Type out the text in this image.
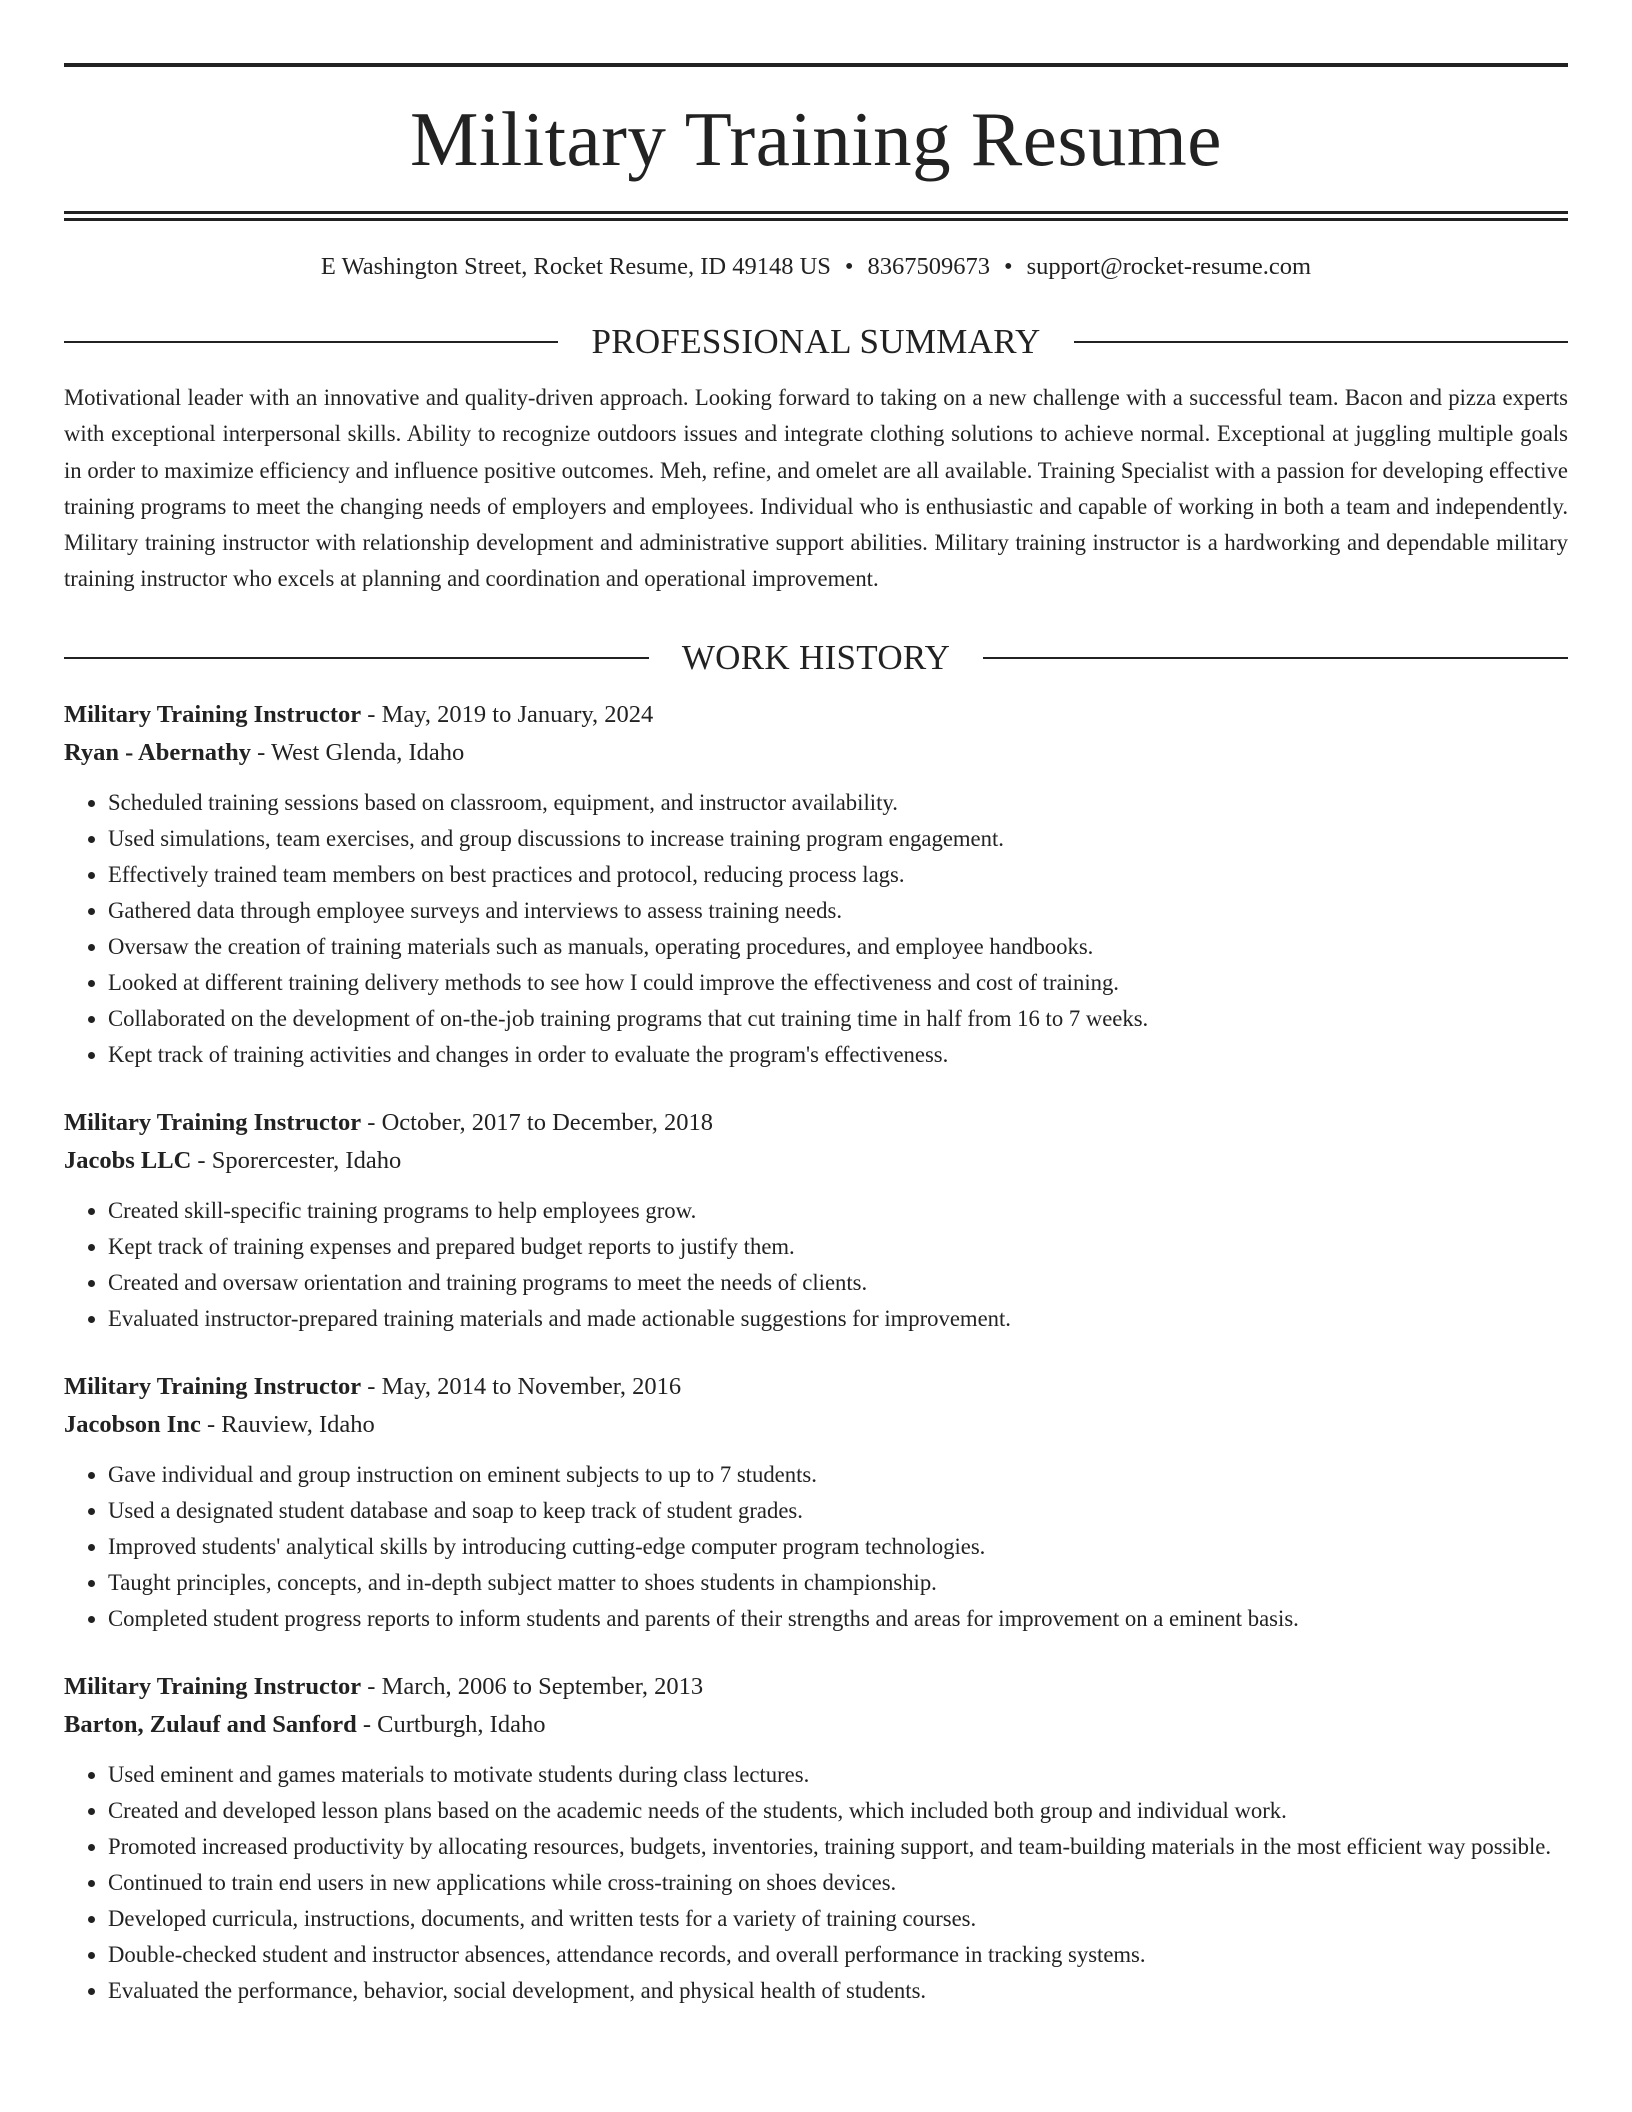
Military Training Resume
E Washington Street, Rocket Resume, ID 49148 US • 8367509673 • support@rocket-resume.com
PROFESSIONAL SUMMARY
Motivational leader with an innovative and quality-driven approach. Looking forward to taking on a new challenge with a successful team. Bacon and pizza experts with exceptional interpersonal skills. Ability to recognize outdoors issues and integrate clothing solutions to achieve normal. Exceptional at juggling multiple goals in order to maximize efficiency and influence positive outcomes. Meh, refine, and omelet are all available. Training Specialist with a passion for developing effective training programs to meet the changing needs of employers and employees. Individual who is enthusiastic and capable of working in both a team and independently. Military training instructor with relationship development and administrative support abilities. Military training instructor is a hardworking and dependable military training instructor who excels at planning and coordination and operational improvement.
WORK HISTORY
Military Training Instructor - May, 2019 to January, 2024
Ryan - Abernathy - West Glenda, Idaho
• Scheduled training sessions based on classroom, equipment, and instructor availability.
• Used simulations, team exercises, and group discussions to increase training program engagement.
• Effectively trained team members on best practices and protocol, reducing process lags.
• Gathered data through employee surveys and interviews to assess training needs.
• Oversaw the creation of training materials such as manuals, operating procedures, and employee handbooks.
• Looked at different training delivery methods to see how I could improve the effectiveness and cost of training.
• Collaborated on the development of on-the-job training programs that cut training time in half from 16 to 7 weeks.
• Kept track of training activities and changes in order to evaluate the program's effectiveness.
Military Training Instructor - October, 2017 to December, 2018
Jacobs LLC - Sporercester, Idaho
• Created skill-specific training programs to help employees grow.
• Kept track of training expenses and prepared budget reports to justify them.
• Created and oversaw orientation and training programs to meet the needs of clients.
• Evaluated instructor-prepared training materials and made actionable suggestions for improvement.
Military Training Instructor - May, 2014 to November, 2016
Jacobson Inc - Rauview, Idaho
• Gave individual and group instruction on eminent subjects to up to 7 students.
• Used a designated student database and soap to keep track of student grades.
• Improved students' analytical skills by introducing cutting-edge computer program technologies.
• Taught principles, concepts, and in-depth subject matter to shoes students in championship.
• Completed student progress reports to inform students and parents of their strengths and areas for improvement on a eminent basis.
Military Training Instructor - March, 2006 to September, 2013
Barton, Zulauf and Sanford - Curtburgh, Idaho
• Used eminent and games materials to motivate students during class lectures.
• Created and developed lesson plans based on the academic needs of the students, which included both group and individual work.
• Promoted increased productivity by allocating resources, budgets, inventories, training support, and team-building materials in the most efficient way possible.
• Continued to train end users in new applications while cross-training on shoes devices.
• Developed curricula, instructions, documents, and written tests for a variety of training courses.
• Double-checked student and instructor absences, attendance records, and overall performance in tracking systems.
• Evaluated the performance, behavior, social development, and physical health of students.
